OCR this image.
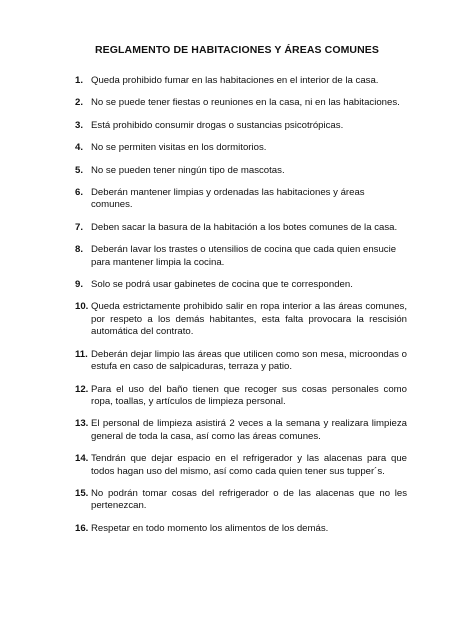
REGLAMENTO DE HABITACIONES Y ÁREAS COMUNES
1. Queda prohibido fumar en las habitaciones en el interior de la casa.
2. No se puede tener fiestas o reuniones en la casa, ni en las habitaciones.
3. Está prohibido consumir drogas o sustancias psicotrópicas.
4. No se permiten visitas en los dormitorios.
5. No se pueden tener ningún tipo de mascotas.
6. Deberán mantener limpias y ordenadas las habitaciones y áreas comunes.
7. Deben sacar la basura de la habitación a los botes comunes de la casa.
8. Deberán lavar los trastes o utensilios de cocina que cada quien ensucie para mantener limpia la cocina.
9. Solo se podrá usar gabinetes de cocina que te corresponden.
10. Queda estrictamente prohibido salir en ropa interior a las áreas comunes, por respeto a los demás habitantes, esta falta provocara la rescisión automática del contrato.
11. Deberán dejar limpio las áreas que utilicen como son mesa, microondas o estufa en caso de salpicaduras, terraza y patio.
12. Para el uso del baño tienen que recoger sus cosas personales como ropa, toallas, y artículos de limpieza personal.
13. El personal de limpieza asistirá 2 veces a la semana y realizara limpieza general de toda la casa, así como las áreas comunes.
14. Tendrán que dejar espacio en el refrigerador y las alacenas para que todos hagan uso del mismo, así como cada quien tener sus tupper´s.
15. No podrán tomar cosas del refrigerador o de las alacenas que no les pertenezcan.
16. Respetar en todo momento los alimentos de los demás.
